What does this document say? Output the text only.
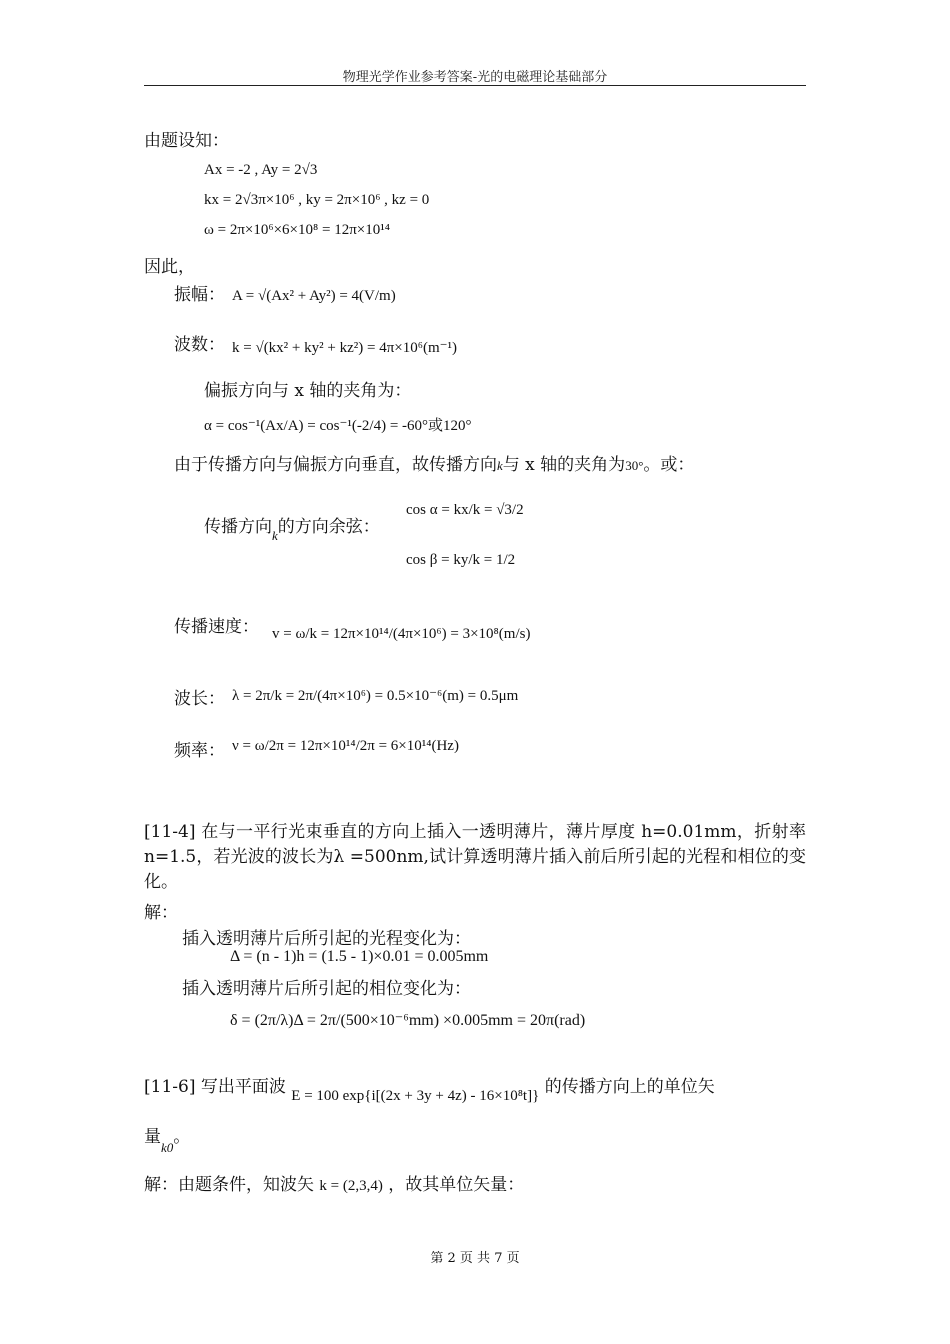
物理光学作业参考答案-光的电磁理论基础部分
由题设知：
Ax = -2 , Ay = 2√3
kx = 2√3π×10⁶ , ky = 2π×10⁶ , kz = 0
ω = 2π×10⁶×6×10⁸ = 12π×10¹⁴
因此，
振幅： A = √(Ax² + Ay²) = 4(V/m)
波数： k = √(kx² + ky² + kz²) = 4π×10⁶(m⁻¹)
偏振方向与 x 轴的夹角为：
α = cos⁻¹(Ax/A) = cos⁻¹(-2/4) = -60°或120°
由于传播方向与偏振方向垂直，故传播方向k与 x 轴的夹角为30°。或：
传播方向$_k$的方向余弦：
cos α = kx/k = √3/2
cos β = ky/k = 1/2
传播速度： v = ω/k = 12π×10¹⁴/(4π×10⁶) = 3×10⁸(m/s)
波长： λ = 2π/k = 2π/(4π×10⁶) = 0.5×10⁻⁶(m) = 0.5μm
频率： ν = ω/2π = 12π×10¹⁴/2π = 6×10¹⁴(Hz)
[11-4] 在与一平行光束垂直的方向上插入一透明薄片，薄片厚度 h=0.01mm，折射率 n=1.5，若光波的波长为λ =500nm,试计算透明薄片插入前后所引起的光程和相位的变化。
解：
插入透明薄片后所引起的光程变化为：
Δ = (n - 1)h = (1.5 - 1)×0.01 = 0.005mm
插入透明薄片后所引起的相位变化为：
δ = (2π/λ)Δ = 2π/(500×10⁻⁶mm) ×0.005mm = 20π(rad)
[11-6] 写出平面波 E = 100 exp{i[(2x + 3y + 4z) - 16×10⁸t]} 的传播方向上的单位矢
量$_{k0}$。
解：由题条件，知波矢 k = (2,3,4) ，故其单位矢量：
第 2 页 共 7 页
